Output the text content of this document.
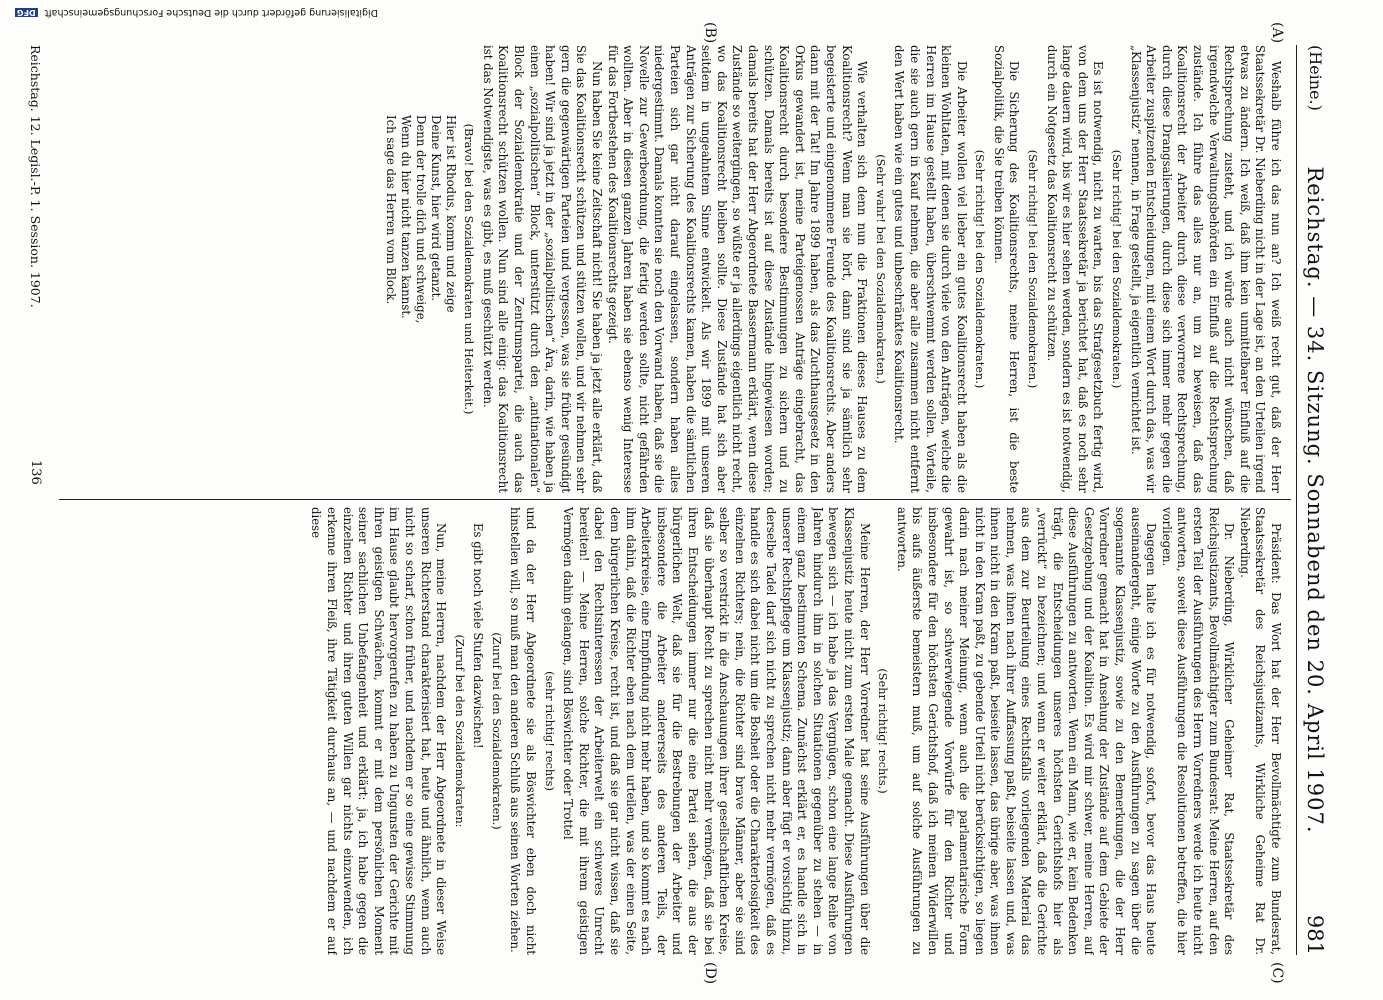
(Heine.)
Reichstag. — 34. Sitzung. Sonnabend den 20. April 1907.
981
(A)
(B)
(C)
(D)

Weshalb führe ich das nun an? Ich weiß recht gut, daß der Herr Staatssekretär Dr. Nieberding nicht in der Lage ist, an den Urteilen irgend etwas zu ändern. Ich weiß, daß ihm kein unmittelbarer Einfluß auf die Rechtsprechung zusteht, und ich würde auch nicht wünschen, daß irgendwelche Verwaltungsbehörden ein Einfluß auf die Rechtsprechung zustände. Ich führe das alles nur an, um zu beweisen, daß das Koalitionsrecht der Arbeiter durch diese verworrene Rechtsprechung, durch diese Drangsalierungen, durch diese sich immer mehr gegen die Arbeiter zuspitzenden Entscheidungen, mit einem Wort durch das, was wir „Klassenjustiz“ nennen, in Frage gestellt, ja eigentlich vernichtet ist.

(Sehr richtig! bei den Sozialdemokraten.)

Es ist notwendig, nicht zu warten, bis das Strafgesetzbuch fertig wird, von dem uns der Herr Staatssekretär ja berichtet hat, daß es noch sehr lange dauern wird, bis wir es hier sehen werden, sondern es ist notwendig, durch ein Notgesetz das Koalitionsrecht zu schützen.

(Sehr richtig! bei den Sozialdemokraten.)

Die Sicherung des Koalitionsrechts, meine Herren, ist die beste Sozialpolitik, die Sie treiben können.

(Sehr richtig! bei den Sozialdemokraten.)

Die Arbeiter wollen viel lieber ein gutes Koalitionsrecht haben als die kleinen Wohltaten, mit denen sie durch viele von den Anträgen, welche die Herren im Hause gestellt haben, überschwemmt werden sollen. Vorteile, die sie auch gern in Kauf nehmen, die aber alle zusammen nicht entfernt den Wert haben wie ein gutes und unbeschränktes Koalitionsrecht.

(Sehr wahr! bei den Sozialdemokraten.)

Wie verhalten sich denn nun die Fraktionen dieses Hauses zu dem Koalitionsrecht? Wenn man sie hört, dann sind sie ja sämtlich sehr begeisterte und eingenommene Freunde des Koalitionsrechts. Aber anders dann mit der Tat! Im Jahre 1899 haben, als das Zuchthausgesetz in den Orkus gewandert ist, meine Parteigenossen Anträge eingebracht, das Koalitionsrecht durch besondere Bestimmungen zu sichern und zu schützen. Damals bereits ist auf diese Zustände hingewiesen worden; damals bereits hat der Herr Abgeordnete Bassermann erklärt, wenn diese Zustände so weitergingen, so wüßte er ja allerdings eigentlich nicht recht, wo das Koalitionsrecht bleiben sollte. Diese Zustände hat sich aber seitdem in ungeahntem Sinne entwickelt. Als wir 1899 mit unseren Anträgen zur Sicherung des Koalitionsrechts kamen, haben die sämtlichen Parteien sich gar nicht darauf eingelassen, sondern haben alles niedergestimmt. Damals konnten sie noch den Vorwand haben, daß sie die Novelle zur Gewerbeordnung, die fertig werden sollte, nicht gefährden wollten. Aber in diesen ganzen Jahren haben sie ebenso wenig Interesse für das Fortbestehen des Koalitionsrechts gezeigt.

Nun haben Sie keine Zeitschaft nicht! Sie haben ja jetzt alle erklärt, daß Sie das Koalitionsrecht schützen und stützen wollen, und wir nehmen sehr gern die gegenwärtigen Parteien und vergessen, was sie früher gesündigt haben! Wir sind ja jetzt in der „sozialpolitischen“ Ära, darin, wie haben ja einen „sozialpolitischen“ Block, unterstützt durch den „antinationalen“ Block der Sozialdemokratie und der Zentrumspartei, die auch das Koalitionsrecht schützen wollen. Nun sind alle einig: das Koalitionsrecht ist das Notwendigste, was es gibt, es muß geschützt werden.

(Bravo! bei den Sozialdemokraten und Heiterkeit.)

Hier ist Rhodus, komm und zeige
Deine Kunst, hier wird getanzt.
Denn der trolle dich und schweige,
Wenn du hier nicht tanzen kannst.
Ich sage das Herren vom Block.

Präsident: Das Wort hat der Herr Bevollmächtigte zum Bundesrat, Staatssekretär des Reichsjustizamts, Wirkliche Geheime Rat Dr. Nieberding.

Dr. Nieberding, Wirklicher Geheimer Rat, Staatssekretär des Reichsjustizamts, Bevollmächtigter zum Bundesrat: Meine Herren, auf den ersten Teil der Ausführungen des Herrn Vorredners werde ich heute nicht antworten, soweit diese Ausführungen die Resolutionen betreffen, die hier vorliegen.

Dagegen halte ich es für notwendig, sofort, bevor das Haus heute auseinandergeht, einige Worte zu den Ausführungen zu sagen über die sogenannte Klassenjustiz, sowie zu den Bemerkungen, die der Herr Vorredner gemacht hat in Ansehung der Zustände auf dem Gebiete der Gesetzgebung und der Koalition. Es wird mir schwer, meine Herren, auf diese Ausführungen zu antworten. Wenn ein Mann, wie er, kein Bedenken trägt, die Entscheidungen unseres höchsten Gerichtshofs hier als „verrückt“ zu bezeichnen; und wenn er weiter erklärt, daß die Gerichte aus dem zur Beurteilung eines Rechtsfalls vorliegenden Material das nehmen, was ihnen nach ihrer Auffassung paßt, beiseite lassen und, was ihnen nicht in den Kram paßt, beiseite lassen, das übrige aber, was ihnen nicht in den Kram paßt, zu gebende Urteil nicht berücksichtigen, so liegen darin nach meiner Meinung, wenn auch die parlamentarische Form gewahrt ist, so schwerwiegende Vorwürfe für den Richter und insbesondere für den höchsten Gerichtshof, daß ich meinen Widerwillen bis aufs äußerste bemeistern muß, um auf solche Ausführungen zu antworten.

(Sehr richtig! rechts.)

Meine Herren, der Herr Vorredner hat seine Ausführungen über die Klassenjustiz heute nicht zum ersten Male gemacht. Diese Ausführungen bewegen sich — ich habe ja das Vergnügen, schon eine lange Reihe von Jahren hindurch ihm in solchen Situationen gegenüber zu stehen — in einem ganz bestimmten Schema. Zunächst erklärt er, es handle sich in unserer Rechtspflege um Klassenjustiz; dann aber fügt er vorsichtig hinzu, derselbe Tadel darf sich nicht zu sprechen nicht mehr vermögen, daß es handle es sich dabei nicht um die Bosheit oder die Charakterlosigkeit des einzelnen Richters; nein, die Richter sind brave Männer, aber sie sind selber so verstrickt in die Anschauungen ihrer gesellschaftlichen Kreise, daß sie überhaupt Recht zu sprechen nicht mehr vermögen, daß sie bei ihren Entscheidungen immer nur die eine Partei sehen, die aus der bürgerlichen Welt, daß sie für die Bestrebungen der Arbeiter und insbesondere die Arbeiter andererseits des anderen Teils, der Arbeiterkreise, eine Empfindung nicht mehr haben, und so kommt es nach ihm dahin, daß die Richter eben nach dem urteilen, was der einen Seite, dem bürgerlichen Kreise, recht ist, und daß sie gar nicht wissen, daß sie dabei den Rechtsinteressen der Arbeiterwelt ein schweres Unrecht bereiten! — Meine Herren, solche Richter, die mit ihrem geistigen Vermögen dahin gelangen, sind Böswichter oder Trottel

(sehr richtig! rechts)

und da der Herr Abgeordnete sie als Böswichter eben doch nicht hinstellen will, so muß man den anderen Schluß aus seinen Worten ziehen.

(Zuruf bei den Sozialdemokraten.)

Es gibt noch viele Stufen dazwischen!

(Zuruf bei den Sozialdemokraten:

Nun, meine Herren, nachdem der Herr Abgeordnete in dieser Weise unseren Richterstand charakterisiert hat, heute und ähnlich, wenn auch nicht so scharf, schon früher, und nachdem er so eine gewisse Stimmung im Hause glaubt hervorgerufen zu haben zu Ungunsten der Gerichte mit ihren geistigen Schwächen, kommt er mit dem persönlichen Moment seiner sachlichen Unbefangenheit und erklärt: ja, ich habe gegen die einzelnen Richter und ihren guten Willen gar nichts einzuwenden, ich erkenne ihren Fleiß, ihre Tätigkeit durchaus an, — und nachdem er auf diese

Reichstag. 12. Legisl.-P. 1. Session. 1907.
136
Digitalisierung gefördert durch die Deutsche Forschungsgemeinschaft DFG
